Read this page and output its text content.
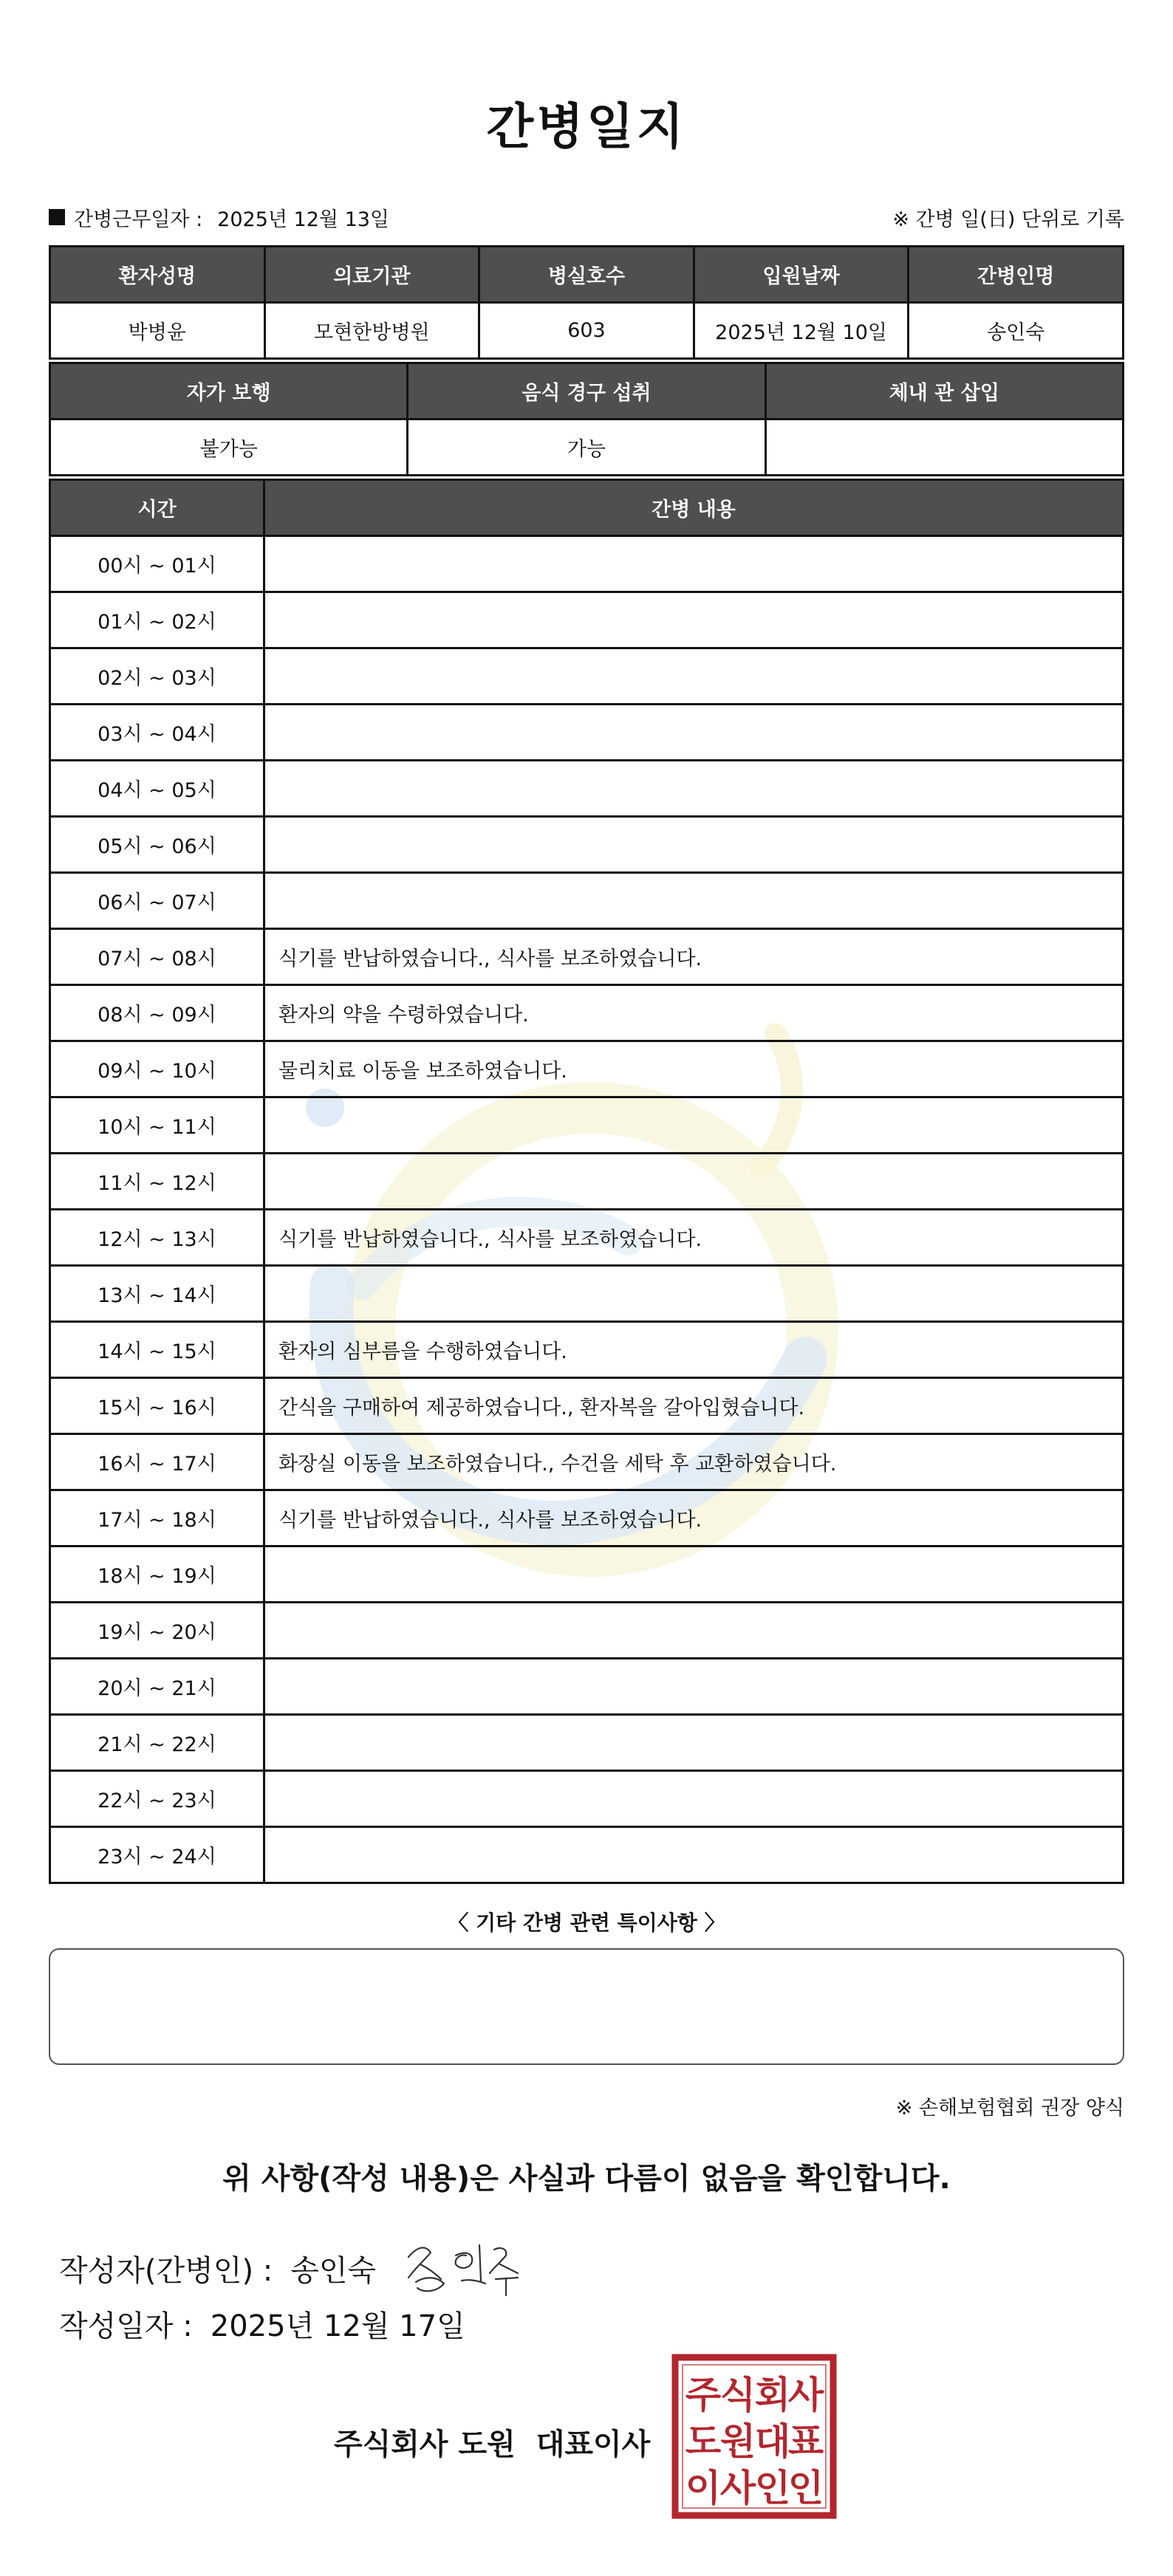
간병일지
간병근무일자 : 2025년 12월 13일	※ 간병 일(日) 단위로 기록
환자성명	의료기관	병실호수	입원날짜	간병인명
박병윤	모현한방병원	603	2025년 12월 10일	송인숙
자가 보행	음식 경구 섭취	체내 관 삽입
불가능	가능	
시간	간병 내용
00시 ~ 01시	
01시 ~ 02시	
02시 ~ 03시	
03시 ~ 04시	
04시 ~ 05시	
05시 ~ 06시	
06시 ~ 07시	
07시 ~ 08시	식기를 반납하였습니다., 식사를 보조하였습니다.
08시 ~ 09시	환자의 약을 수령하였습니다.
09시 ~ 10시	물리치료 이동을 보조하였습니다.
10시 ~ 11시	
11시 ~ 12시	
12시 ~ 13시	식기를 반납하였습니다., 식사를 보조하였습니다.
13시 ~ 14시	
14시 ~ 15시	환자의 심부름을 수행하였습니다.
15시 ~ 16시	간식을 구매하여 제공하였습니다., 환자복을 갈아입혔습니다.
16시 ~ 17시	화장실 이동을 보조하였습니다., 수건을 세탁 후 교환하였습니다.
17시 ~ 18시	식기를 반납하였습니다., 식사를 보조하였습니다.
18시 ~ 19시	
19시 ~ 20시	
20시 ~ 21시	
21시 ~ 22시	
22시 ~ 23시	
23시 ~ 24시	
〈 기타 간병 관련 특이사항 〉
※ 손해보험협회 권장 양식
위 사항(작성 내용)은 사실과 다름이 없음을 확인합니다.
작성자(간병인) : 송인숙
작성일자 : 2025년 12월 17일
주식회사 도원 대표이사
주
식
회
사
도
원
대
표
이
사
인
인
